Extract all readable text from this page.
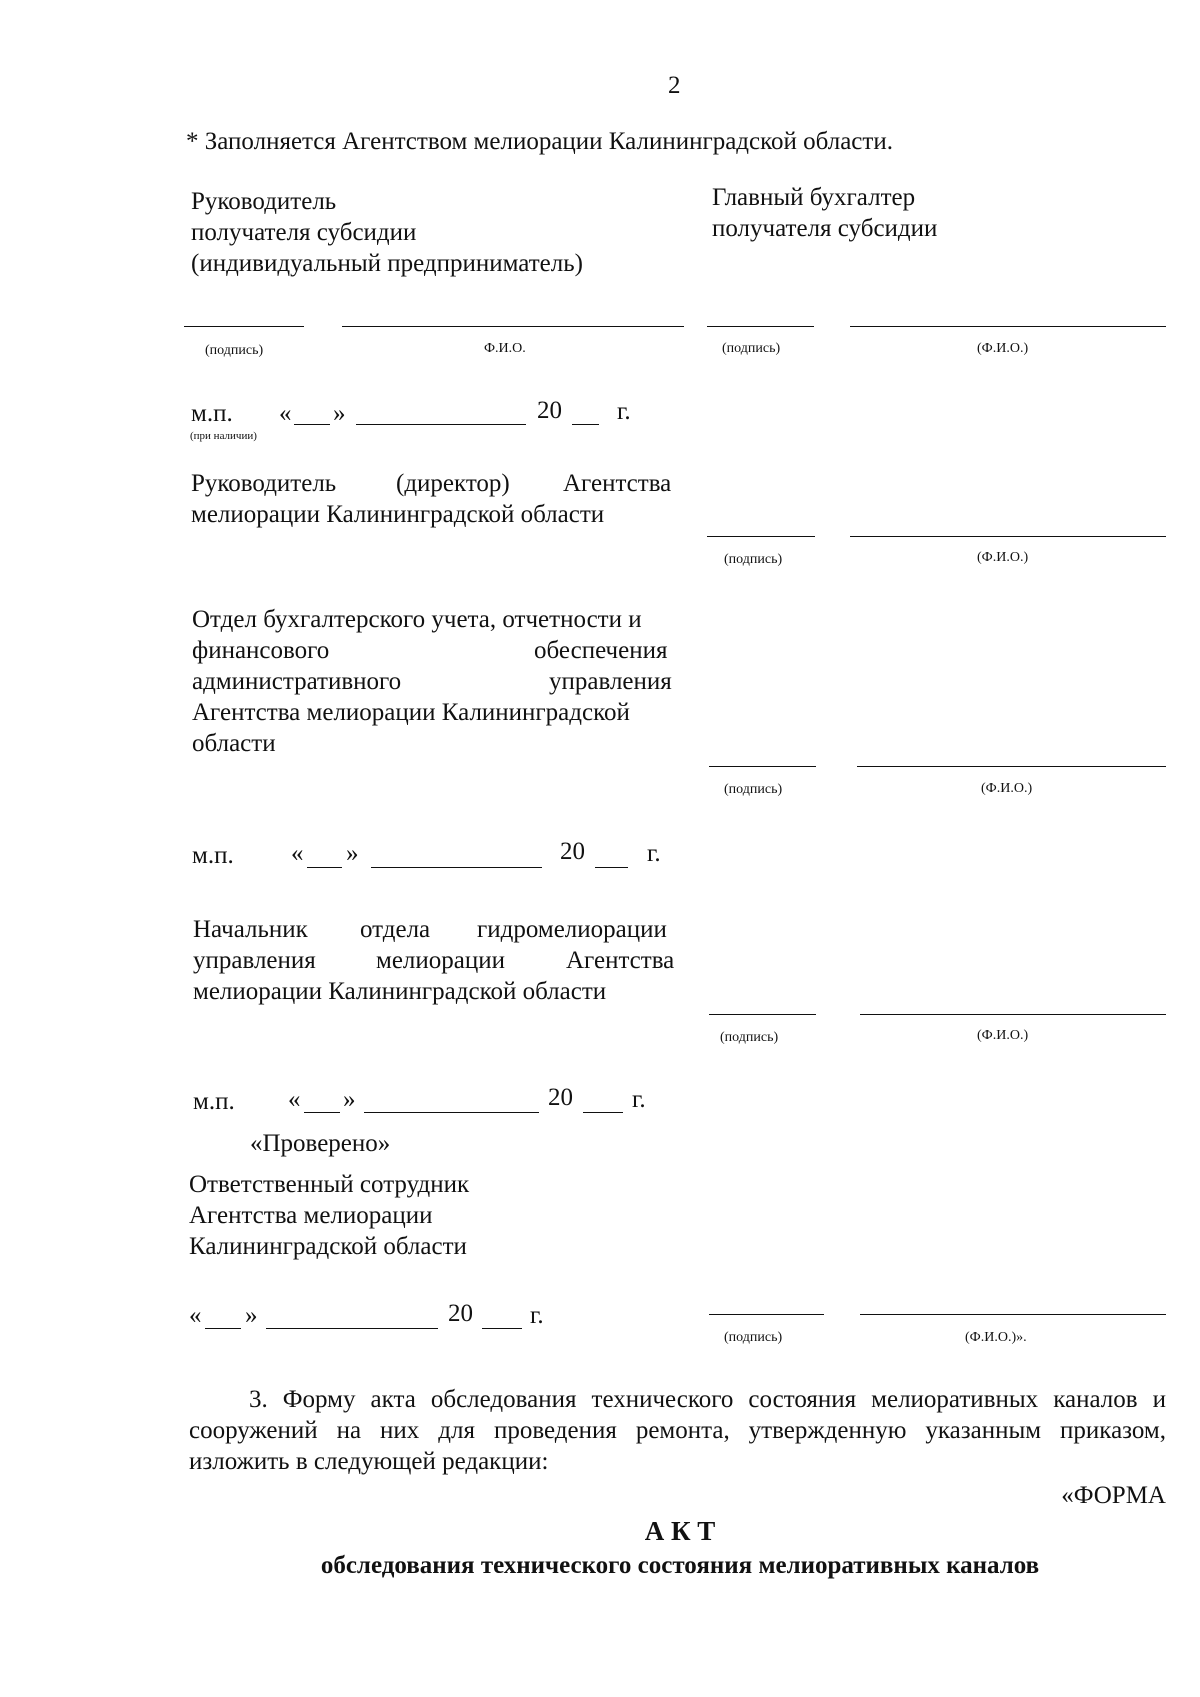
2
* Заполняется Агентством мелиорации Калининградской области.
Руководитель
получателя субсидии
(индивидуальный предприниматель)
(подпись)	Ф.И.О.
Главный бухгалтер
получателя субсидии
(подпись)	(Ф.И.О.)
м.п. « »	20 г.
(при наличии)
Руководитель (директор) Агентства
мелиорации Калининградской области
(подпись)	(Ф.И.О.)
Отдел бухгалтерского учета, отчетности и
финансового	обеспечения
административного	управления
Агентства мелиорации Калининградской
области
(подпись)	(Ф.И.О.)
м.п. « »	20 г.
Начальник отдела гидромелиорации
управления мелиорации Агентства
мелиорации Калининградской области
(подпись)	(Ф.И.О.)
м.п. « »	20 г.
«Проверено»
Ответственный сотрудник
Агентства мелиорации
Калининградской области
(подпись)	(Ф.И.О.)».
« »	20 г.
3. Форму акта обследования технического состояния мелиоративных каналов и сооружений на них для проведения ремонта, утвержденную указанным приказом, изложить в следующей редакции:
«ФОРМА
А К Т
обследования технического состояния мелиоративных каналов
